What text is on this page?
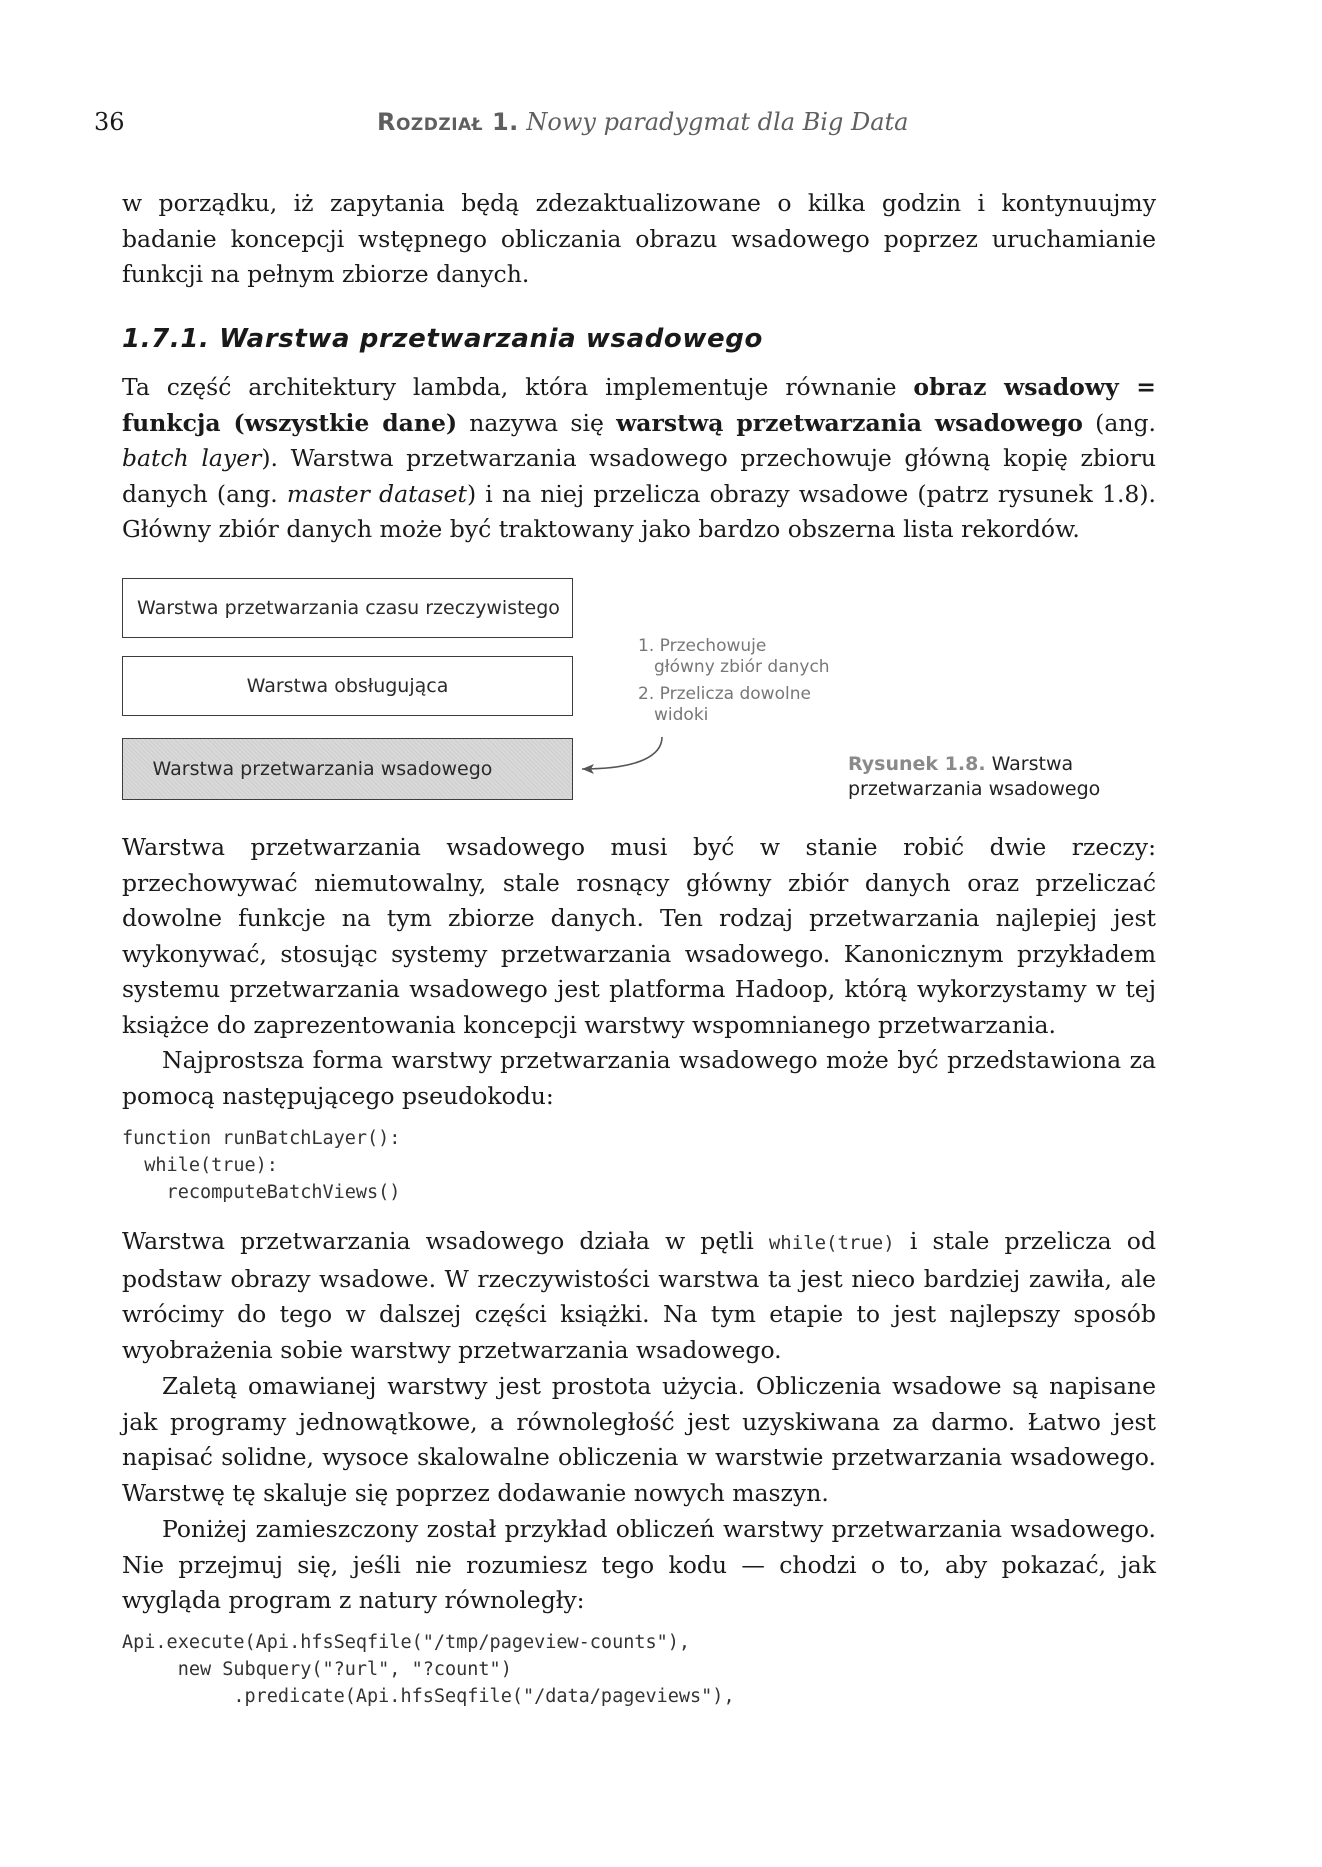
36	Rozdział 1. Nowy paradygmat dla Big Data
w porządku, iż zapytania będą zdezaktualizowane o kilka godzin i kontynuujmy badanie koncepcji wstępnego obliczania obrazu wsadowego poprzez uruchamianie funkcji na pełnym zbiorze danych.
1.7.1. Warstwa przetwarzania wsadowego
Ta część architektury lambda, która implementuje równanie obraz wsadowy = funkcja (wszystkie dane) nazywa się warstwą przetwarzania wsadowego (ang. batch layer). Warstwa przetwarzania wsadowego przechowuje główną kopię zbioru danych (ang. master dataset) i na niej przelicza obrazy wsadowe (patrz rysunek 1.8). Główny zbiór danych może być traktowany jako bardzo obszerna lista rekordów.
Warstwa przetwarzania czasu rzeczywistego
Warstwa obsługująca
Warstwa przetwarzania wsadowego
1. Przechowuje
główny zbiór danych
2. Przelicza dowolne
widoki
Rysunek 1.8. Warstwa
przetwarzania wsadowego
Warstwa przetwarzania wsadowego musi być w stanie robić dwie rzeczy: przechowywać niemutowalny, stale rosnący główny zbiór danych oraz przeliczać dowolne funkcje na tym zbiorze danych. Ten rodzaj przetwarzania najlepiej jest wykonywać, stosując systemy przetwarzania wsadowego. Kanonicznym przykładem systemu przetwarzania wsadowego jest platforma Hadoop, którą wykorzystamy w tej książce do zaprezentowania koncepcji warstwy wspomnianego przetwarzania.
Najprostsza forma warstwy przetwarzania wsadowego może być przedstawiona za pomocą następującego pseudokodu:
function runBatchLayer():
while(true):
recomputeBatchViews()
Warstwa przetwarzania wsadowego działa w pętli while(true) i stale przelicza od podstaw obrazy wsadowe. W rzeczywistości warstwa ta jest nieco bardziej zawiła, ale wrócimy do tego w dalszej części książki. Na tym etapie to jest najlepszy sposób wyobrażenia sobie warstwy przetwarzania wsadowego.
Zaletą omawianej warstwy jest prostota użycia. Obliczenia wsadowe są napisane jak programy jednowątkowe, a równoległość jest uzyskiwana za darmo. Łatwo jest napisać solidne, wysoce skalowalne obliczenia w warstwie przetwarzania wsadowego. Warstwę tę skaluje się poprzez dodawanie nowych maszyn.
Poniżej zamieszczony został przykład obliczeń warstwy przetwarzania wsadowego. Nie przejmuj się, jeśli nie rozumiesz tego kodu — chodzi o to, aby pokazać, jak wygląda program z natury równoległy:
Api.execute(Api.hfsSeqfile("/tmp/pageview-counts"),
new Subquery("?url", "?count")
.predicate(Api.hfsSeqfile("/data/pageviews"),
